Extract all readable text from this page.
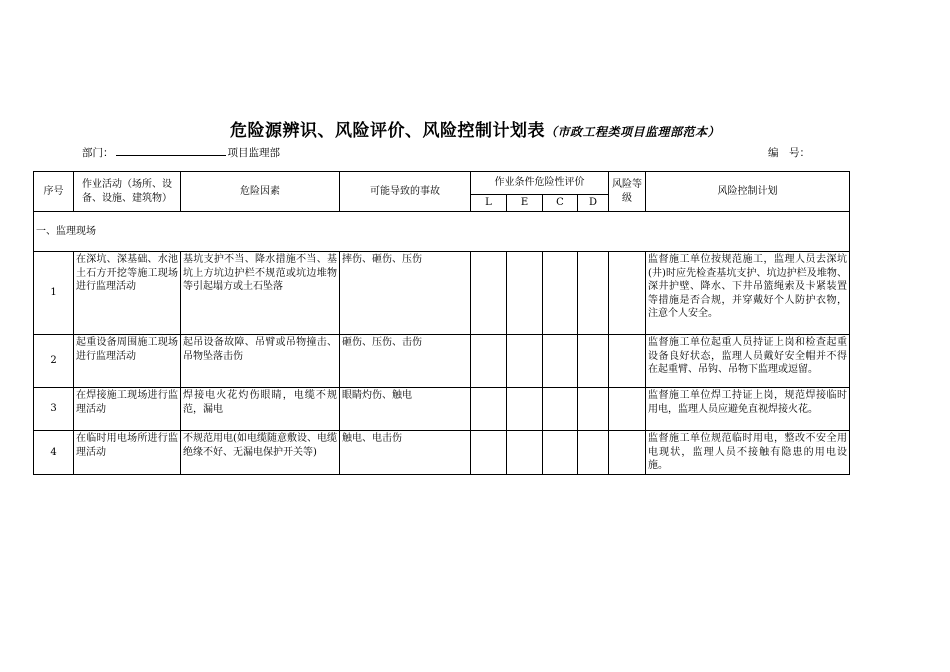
危险源辨识、风险评价、风险控制计划表（市政工程类项目监理部范本）
部门：	项目监理部	编　号：
序号	作业活动（场所、设备、设施、建筑物）	危险因素	可能导致的事故	作业条件危险性评价				风险等级	风险控制计划
				L	E	C	D		
一、监理现场									
1	在深坑、深基础、水池土石方开挖等施工现场进行监理活动	基坑支护不当、降水措施不当、基坑上方坑边护栏不规范或坑边堆物等引起塌方或土石坠落	摔伤、砸伤、压伤						监督施工单位按规范施工，监理人员去深坑(井)时应先检查基坑支护、坑边护栏及堆物、深井护壁、降水、下井吊篮绳索及卡紧装置等措施是否合规，并穿戴好个人防护衣物，注意个人安全。
2	起重设备周围施工现场进行监理活动	起吊设备故障、吊臂或吊物撞击、吊物坠落击伤	砸伤、压伤、击伤						监督施工单位起重人员持证上岗和检查起重设备良好状态，监理人员戴好安全帽并不得在起重臂、吊钩、吊物下监理或逗留。
3	在焊接施工现场进行监理活动	焊接电火花灼伤眼睛，电缆不规范，漏电	眼睛灼伤、触电						监督施工单位焊工持证上岗，规范焊接临时用电，监理人员应避免直视焊接火花。
4	在临时用电场所进行监理活动	不规范用电(如电缆随意敷设、电缆绝缘不好、无漏电保护开关等)	触电、电击伤						监督施工单位规范临时用电，整改不安全用电现状，监理人员不接触有隐患的用电设施。
